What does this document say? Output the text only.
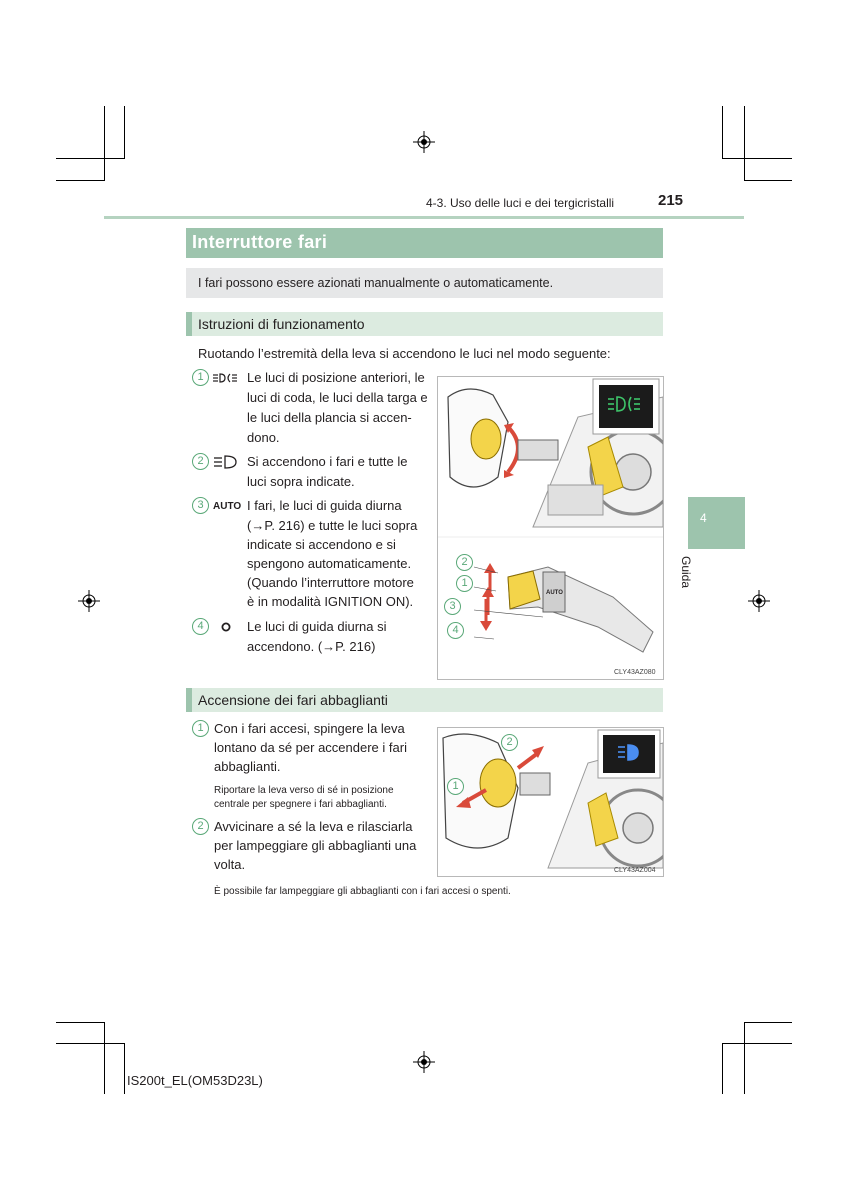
4-3. Uso delle luci e dei tergicristalli	215
Interruttore fari
I fari possono essere azionati manualmente o automaticamente.
Istruzioni di funzionamento
Ruotando l’estremità della leva si accendono le luci nel modo seguente:
1	Le luci di posizione anteriori, le
luci di coda, le luci della targa e
le luci della plancia si accen-
dono.
2	Si accendono i fari e tutte le
luci sopra indicate.
3 AUTO I fari, le luci di guida diurna
(→P. 216) e tutte le luci sopra
indicate si accendono e si
spengono automaticamente.
(Quando l’interruttore motore
è in modalità IGNITION ON).
4	Le luci di guida diurna si
accendono. (→P. 216)
2
1
3
4
AUTO
CLY43AZ080
Accensione dei fari abbaglianti
1 Con i fari accesi, spingere la leva
lontano da sé per accendere i fari
abbaglianti.
Riportare la leva verso di sé in posizione
centrale per spegnere i fari abbaglianti.
2 Avvicinare a sé la leva e rilasciarla
per lampeggiare gli abbaglianti una
volta.
È possibile far lampeggiare gli abbaglianti con i fari accesi o spenti.
2
1
CLY43AZ004
4
Guida
IS200t_EL(OM53D23L)
